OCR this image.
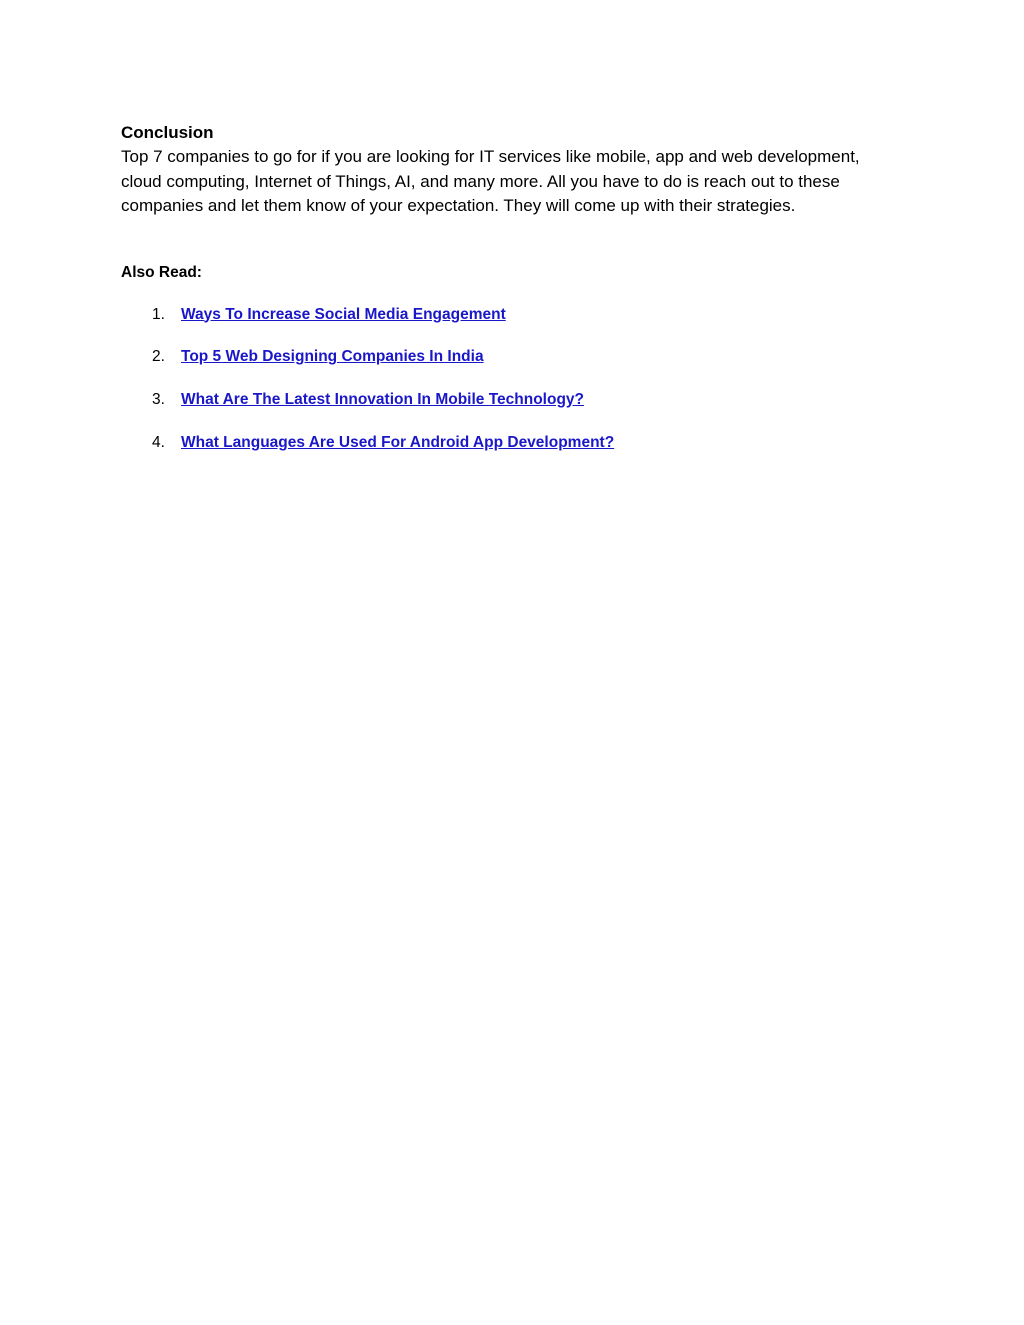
Conclusion

Top 7 companies to go for if you are looking for IT services like mobile, app and web development, cloud computing, Internet of Things, AI, and many more. All you have to do is reach out to these companies and let them know of your expectation. They will come up with their strategies.

Also Read:

1.	Ways To Increase Social Media Engagement
2.	Top 5 Web Designing Companies In India
3.	What Are The Latest Innovation In Mobile Technology?
4.	What Languages Are Used For Android App Development?
